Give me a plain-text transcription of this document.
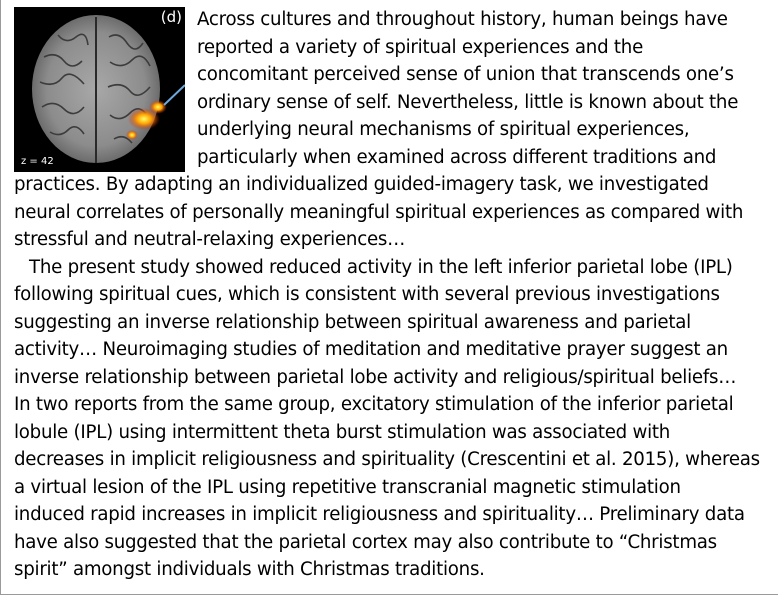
(d)
z = 42
Across cultures and throughout history, human beings have
reported a variety of spiritual experiences and the
concomitant perceived sense of union that transcends one’s
ordinary sense of self. Nevertheless, little is known about the
underlying neural mechanisms of spiritual experiences,
particularly when examined across different traditions and
practices. By adapting an individualized guided-imagery task, we investigated
neural correlates of personally meaningful spiritual experiences as compared with
stressful and neutral-relaxing experiences…
The present study showed reduced activity in the left inferior parietal lobe (IPL)
following spiritual cues, which is consistent with several previous investigations
suggesting an inverse relationship between spiritual awareness and parietal
activity… Neuroimaging studies of meditation and meditative prayer suggest an
inverse relationship between parietal lobe activity and religious/spiritual beliefs…
In two reports from the same group, excitatory stimulation of the inferior parietal
lobule (IPL) using intermittent theta burst stimulation was associated with
decreases in implicit religiousness and spirituality (Crescentini et al. 2015), whereas
a virtual lesion of the IPL using repetitive transcranial magnetic stimulation
induced rapid increases in implicit religiousness and spirituality… Preliminary data
have also suggested that the parietal cortex may also contribute to “Christmas
spirit” amongst individuals with Christmas traditions.
